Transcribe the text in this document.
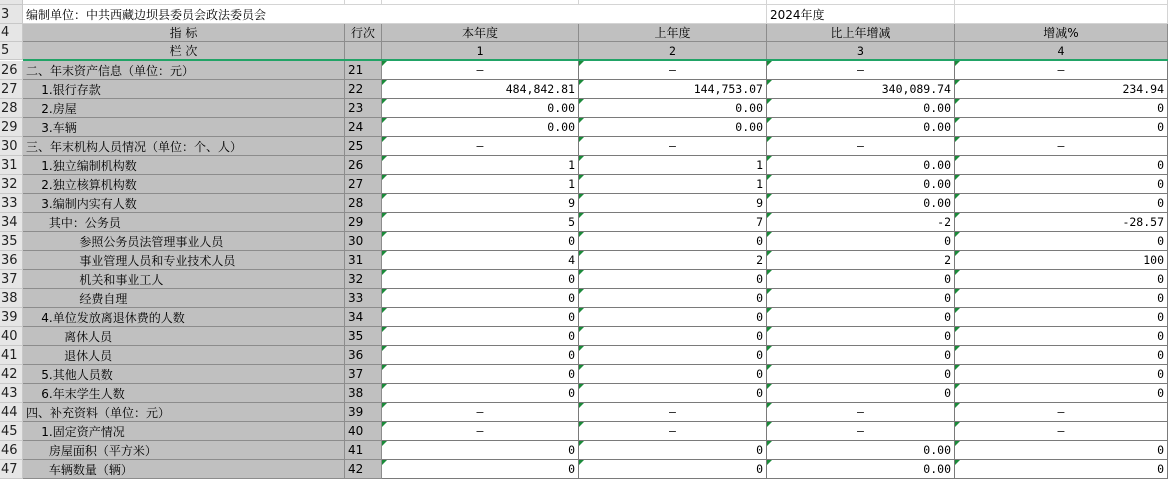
3	编制单位：中共西藏边坝县委员会政法委员会	2024年度
4	指 标	行次	本年度	上年度	比上年增减	增减%
5	栏 次	1	2	3	4
26 二、年末资产信息（单位：元）	21	—	—	—	—
27 1.银行存款	22	484,842.81	144,753.07	340,089.74	234.94
28 2.房屋	23	0.00	0.00	0.00	0
29 3.车辆	24	0.00	0.00	0.00	0
30 三、年末机构人员情况（单位：个、人）	25	—	—	—	—
31 1.独立编制机构数	26	1	1	0.00	0
32 2.独立核算机构数	27	1	1	0.00	0
33 3.编制内实有人数	28	9	9	0.00	0
34 其中：公务员	29	5	7	-2	-28.57
35 参照公务员法管理事业人员	30	0	0	0	0
36 事业管理人员和专业技术人员	31	4	2	2	100
37 机关和事业工人	32	0	0	0	0
38 经费自理	33	0	0	0	0
39 4.单位发放离退休费的人数	34	0	0	0	0
40 离休人员	35	0	0	0	0
41 退休人员	36	0	0	0	0
42 5.其他人员数	37	0	0	0	0
43 6.年末学生人数	38	0	0	0	0
44 四、补充资料（单位：元）	39	—	—	—	—
45 1.固定资产情况	40	—	—	—	—
46 房屋面积（平方米）	41	0	0	0.00	0
47 车辆数量（辆）	42	0	0	0.00	0
